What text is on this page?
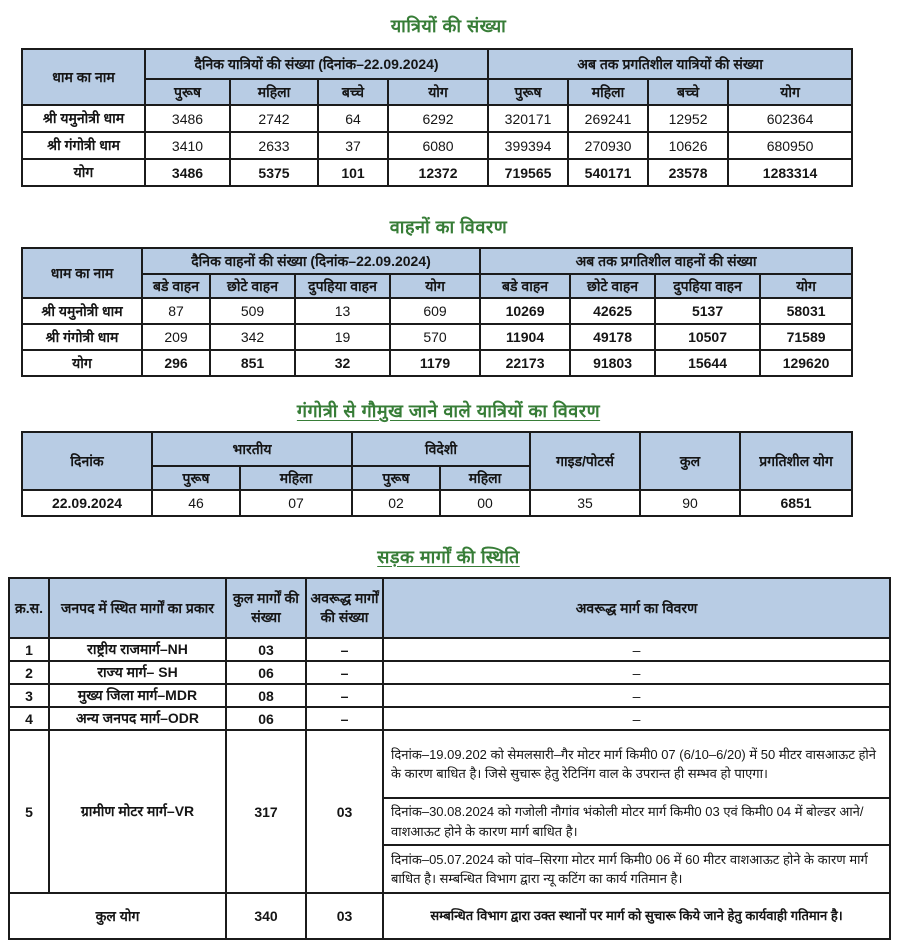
यात्रियों की संख्या
धाम का नाम	दैनिक यात्रियों की संख्या (दिनांक–22.09.2024)				अब तक प्रगतिशील यात्रियों की संख्या			
	पुरूष	महिला	बच्चे	योग	पुरूष	महिला	बच्चे	योग
श्री यमुनोत्री धाम	3486	2742	64	6292	320171	269241	12952	602364
श्री गंगोत्री धाम	3410	2633	37	6080	399394	270930	10626	680950
योग	3486	5375	101	12372	719565	540171	23578	1283314
वाहनों का विवरण
धाम का नाम	दैनिक वाहनों की संख्या (दिनांक–22.09.2024)				अब तक प्रगतिशील वाहनों की संख्या			
	बडे वाहन	छोटे वाहन	दुपहिया वाहन	योग	बडे वाहन	छोटे वाहन	दुपहिया वाहन	योग
श्री यमुनोत्री धाम	87	509	13	609	10269	42625	5137	58031
श्री गंगोत्री धाम	209	342	19	570	11904	49178	10507	71589
योग	296	851	32	1179	22173	91803	15644	129620
गंगोत्री से गौमुख जाने वाले यात्रियों का विवरण
दिनांक	भारतीय		विदेशी		गाइड/पोटर्स	कुल	प्रगतिशील योग
	पुरूष	महिला	पुरूष	महिला			
22.09.2024	46	07	02	00	35	90	6851
सड़क मार्गों की स्थिति
क्र.स.	जनपद में स्थित मार्गों का प्रकार	कुल मार्गों की संख्या	अवरूद्ध मार्गों की संख्या	अवरूद्ध मार्ग का विवरण
1	राष्ट्रीय राजमार्ग–NH	03	–	–
2	राज्य मार्ग– SH	06	–	–
3	मुख्य जिला मार्ग–MDR	08	–	–
4	अन्य जनपद मार्ग–ODR	06	–	–
5	ग्रामीण मोटर मार्ग–VR	317	03	दिनांक–19.09.202 को सेमलसारी–गैर मोटर मार्ग किमी0 07 (6/10–6/20) में 50 मीटर वासआऊट होने के कारण बाधित है। जिसे सुचारू हेतु रेटिनिंग वाल के उपरान्त ही सम्भव हो पाएगा।
				दिनांक–30.08.2024 को गजोली नौगांव भंकोली मोटर मार्ग किमी0 03 एवं किमी0 04 में बोल्डर आने/वाशआऊट होने के कारण मार्ग बाधित है।
				दिनांक–05.07.2024 को पांव–सिरगा मोटर मार्ग किमी0 06 में 60 मीटर वाशआऊट होने के कारण मार्ग बाधित है। सम्बन्धित विभाग द्वारा न्यू कटिंग का कार्य गतिमान है।
कुल योग		340	03	सम्बन्धित विभाग द्वारा उक्त स्थानों पर मार्ग को सुचारू किये जाने हेतु कार्यवाही गतिमान है।
